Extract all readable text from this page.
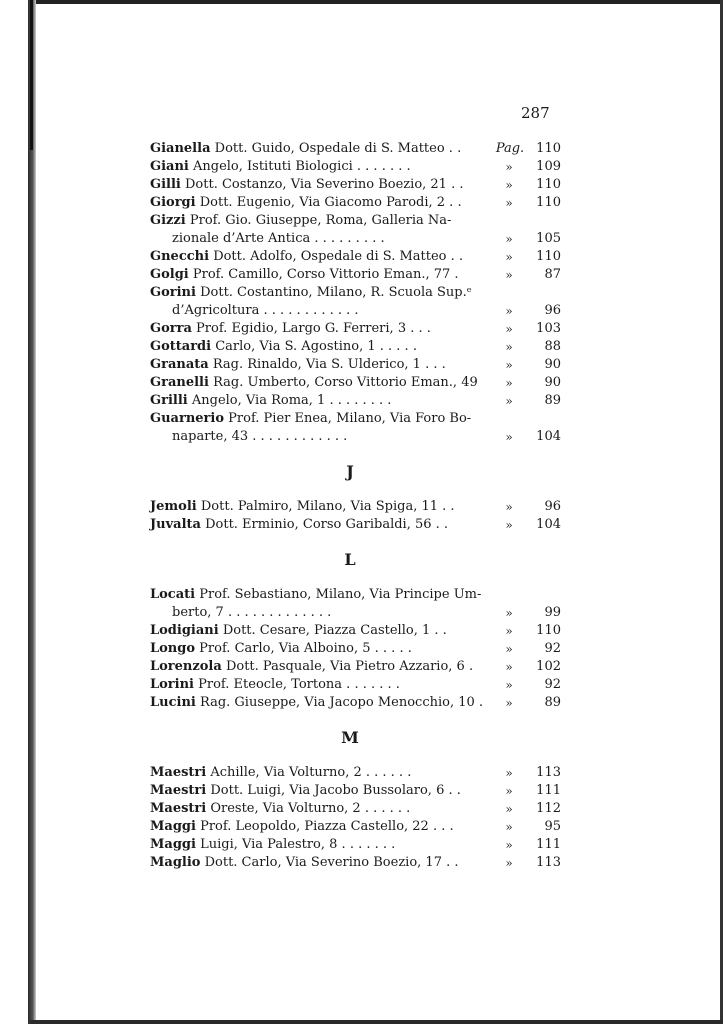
287
Gianella Dott. Guido, Ospedale di S. Matteo . .	Pag. 110
Giani Angelo, Istituti Biologici . . . . . . .	»	109
Gilli Dott. Costanzo, Via Severino Boezio, 21 . .	»	110
Giorgi Dott. Eugenio, Via Giacomo Parodi, 2 . .	»	110
Gizzi Prof. Gio. Giuseppe, Roma, Galleria Na-
zionale d’Arte Antica . . . . . . . . .	»	105
Gnecchi Dott. Adolfo, Ospedale di S. Matteo . .	»	110
Golgi Prof. Camillo, Corso Vittorio Eman., 77 .	»	87
Gorini Dott. Costantino, Milano, R. Scuola Sup.ᵉ
d’Agricoltura . . . . . . . . . . . .	»	96
Gorra Prof. Egidio, Largo G. Ferreri, 3 . . .	»	103
Gottardi Carlo, Via S. Agostino, 1 . . . . .	»	88
Granata Rag. Rinaldo, Via S. Ulderico, 1 . . .	»	90
Granelli Rag. Umberto, Corso Vittorio Eman., 49	»	90
Grilli Angelo, Via Roma, 1 . . . . . . . .	»	89
Guarnerio Prof. Pier Enea, Milano, Via Foro Bo-
naparte, 43 . . . . . . . . . . . .	»	104
J
Jemoli Dott. Palmiro, Milano, Via Spiga, 11 . .	»	96
Juvalta Dott. Erminio, Corso Garibaldi, 56 . .	»	104
L
Locati Prof. Sebastiano, Milano, Via Principe Um-
berto, 7 . . . . . . . . . . . . .	»	99
Lodigiani Dott. Cesare, Piazza Castello, 1 . .	»	110
Longo Prof. Carlo, Via Alboino, 5 . . . . .	»	92
Lorenzola Dott. Pasquale, Via Pietro Azzario, 6 .	»	102
Lorini Prof. Eteocle, Tortona . . . . . . .	»	92
Lucini Rag. Giuseppe, Via Jacopo Menocchio, 10 .	»	89
M
Maestri Achille, Via Volturno, 2 . . . . . .	»	113
Maestri Dott. Luigi, Via Jacobo Bussolaro, 6 . .	»	111
Maestri Oreste, Via Volturno, 2 . . . . . .	»	112
Maggi Prof. Leopoldo, Piazza Castello, 22 . . .	»	95
Maggi Luigi, Via Palestro, 8 . . . . . . .	»	111
Maglio Dott. Carlo, Via Severino Boezio, 17 . .	»	113
